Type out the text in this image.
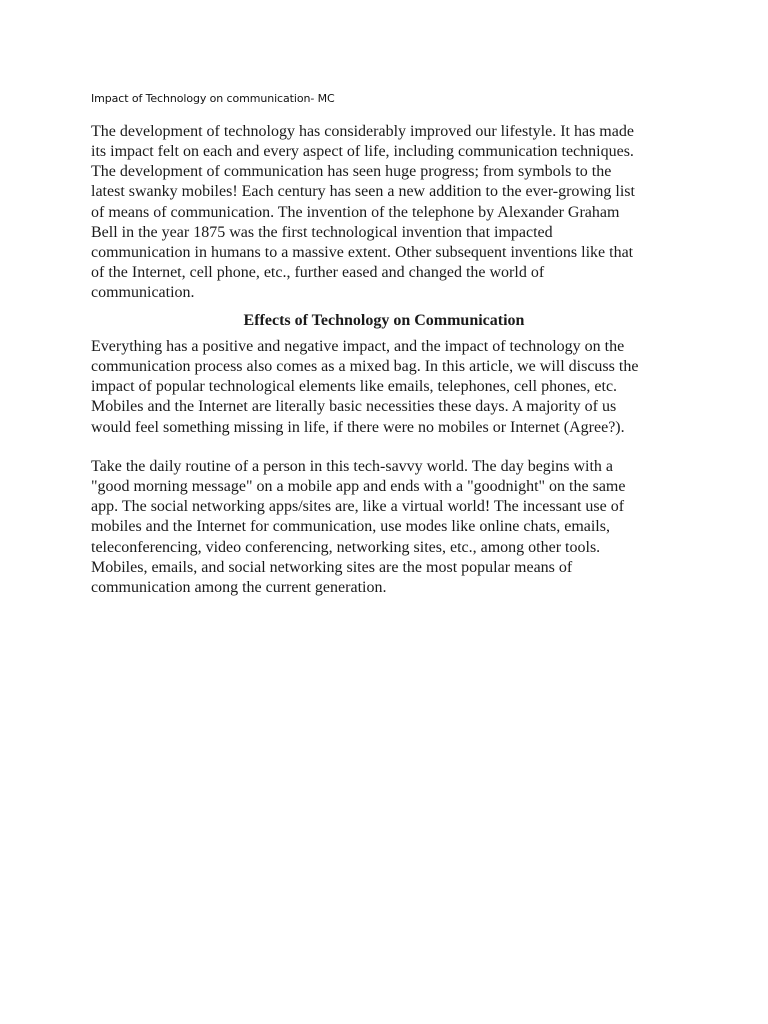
Impact of Technology on communication- MC

The development of technology has considerably improved our lifestyle. It has made
its impact felt on each and every aspect of life, including communication techniques.
The development of communication has seen huge progress; from symbols to the
latest swanky mobiles! Each century has seen a new addition to the ever-growing list
of means of communication. The invention of the telephone by Alexander Graham
Bell in the year 1875 was the first technological invention that impacted
communication in humans to a massive extent. Other subsequent inventions like that
of the Internet, cell phone, etc., further eased and changed the world of
communication.

Effects of Technology on Communication

Everything has a positive and negative impact, and the impact of technology on the
communication process also comes as a mixed bag. In this article, we will discuss the
impact of popular technological elements like emails, telephones, cell phones, etc.
Mobiles and the Internet are literally basic necessities these days. A majority of us
would feel something missing in life, if there were no mobiles or Internet (Agree?).

Take the daily routine of a person in this tech-savvy world. The day begins with a
"good morning message" on a mobile app and ends with a "goodnight" on the same
app. The social networking apps/sites are, like a virtual world! The incessant use of
mobiles and the Internet for communication, use modes like online chats, emails,
teleconferencing, video conferencing, networking sites, etc., among other tools.
Mobiles, emails, and social networking sites are the most popular means of
communication among the current generation.
